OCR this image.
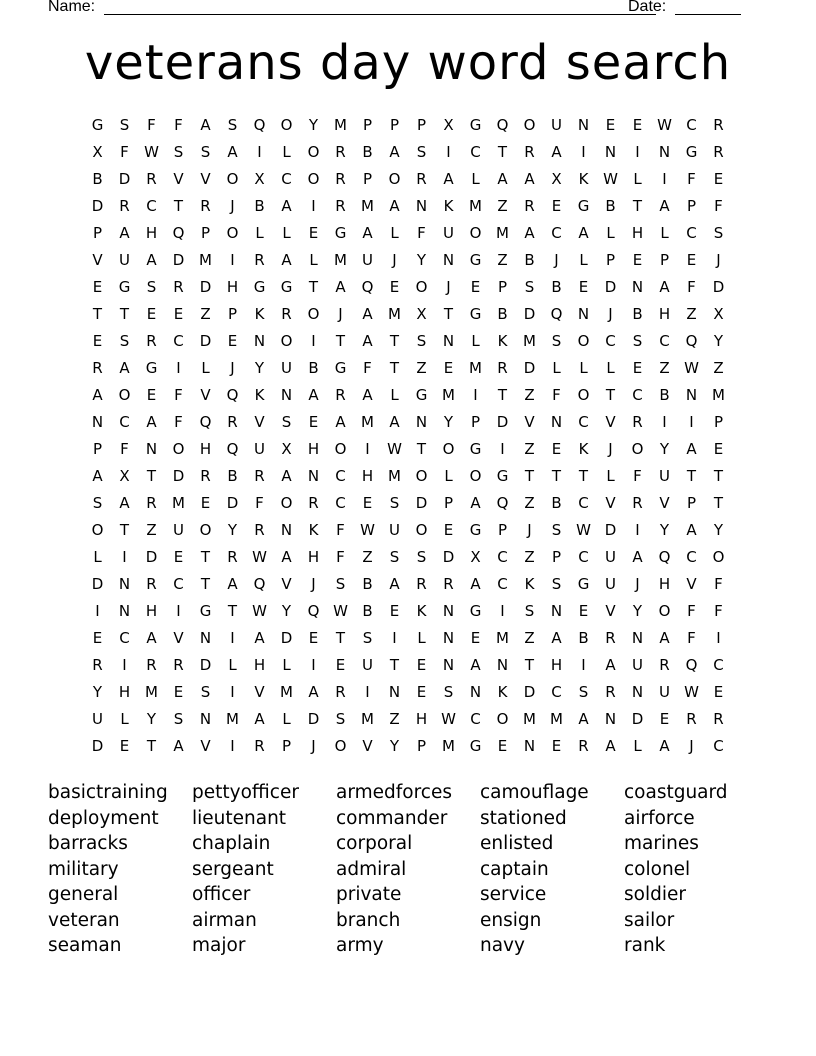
Name:	Date:
veterans day word search
G	S	F	F	A	S	Q	O	Y	M	P	P	P	X	G	Q	O	U	N	E	E W C	R
X	F	W S	S	A	I	L	O	R	B	A	S	I	C	T	R	A	I	N	I	N	G	R
B	D	R	V	V	O	X	C	O	R	P	O	R	A	L	A	A	X	K W	L	I	F	E
D	R	C	T	R	J	B	A	I	R	M	A	N	K	M	Z	R	E	G	B	T	A	P	F
P	A	H	Q	P	O	L	L	E	G	A	L	F	U	O M	A	C	A	L	H	L	C	S
V	U	A	D M	I	R	A	L	M	U	J	Y	N	G	Z	B	J	L	P	E	P	E	J
E	G	S	R	D	H	G	G	T	A	Q	E	O	J	E	P	S	B	E	D	N	A	F	D
T	T	E	E	Z	P	K	R	O	J	A	M	X	T	G	B	D	Q	N	J	B	H	Z	X
E	S	R	C	D	E	N	O	I	T	A	T	S	N	L	K	M	S	O	C	S	C	Q	Y
R	A	G	I	L	J	Y	U	B	G	F	T	Z	E	M	R	D	L	L	L	E	Z W Z
A	O	E	F	V	Q	K	N	A	R	A	L	G M	I	T	Z	F	O	T	C	B	N M
N	C	A	F	Q	R	V	S	E	A	M	A	N	Y	P	D	V	N	C	V	R	I	I	P
P	F	N	O	H	Q	U	X	H	O	I	W T	O	G	I	Z	E	K	J	O	Y	A	E
A	X	T	D	R	B	R	A	N	C	H M O	L	O	G	T	T	T	L	F	U	T	T
S	A	R	M	E	D	F	O	R	C	E	S	D	P	A	Q	Z	B	C	V	R	V	P	T
O	T	Z	U	O	Y	R	N	K	F	W U	O	E	G	P	J	S W D	I	Y	A	Y
L	I	D	E	T	R W A	H	F	Z	S	S	D	X	C	Z	P	C	U	A	Q	C	O
D	N	R	C	T	A	Q	V	J	S	B	A	R	R	A	C	K	S	G	U	J	H	V	F
I	N	H	I	G	T	W Y	Q W B	E	K	N	G	I	S	N	E	V	Y	O	F	F
E	C	A	V	N	I	A	D	E	T	S	I	L	N	E	M	Z	A	B	R	N	A	F	I
R	I	R	R	D	L	H	L	I	E	U	T	E	N	A	N	T	H	I	A	U	R	Q	C
Y	H M	E	S	I	V	M	A	R	I	N	E	S	N	K	D	C	S	R	N	U W E
U	L	Y	S	N M	A	L	D	S	M	Z	H W C	O M M	A	N	D	E	R	R
D	E	T	A	V	I	R	P	J	O	V	Y	P	M G	E	N	E	R	A	L	A	J	C
basictraining	pettyofficer	armedforces	camouflage	coastguard
deployment	lieutenant	commander	stationed	airforce
barracks	chaplain	corporal	enlisted	marines
military	sergeant	admiral	captain	colonel
general	officer	private	service	soldier
veteran	airman	branch	ensign	sailor
seaman	major	army	navy	rank
